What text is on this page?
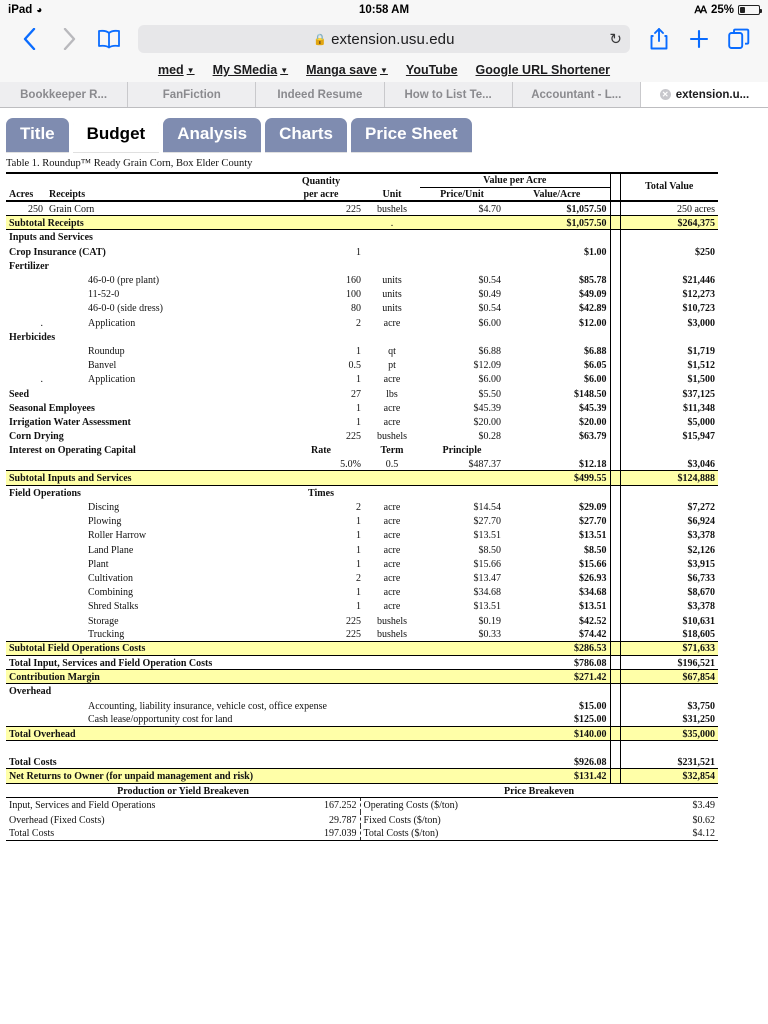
iPad ◕	10:58 AM	Ꜳ 25%
🔒 extension.usu.edu	↻
med ▼ My SMedia ▼ Manga save ▼ YouTube Google URL Shortener
Bookkeeper R...	FanFiction	Indeed Resume	How to List Te...	Accountant - L...	✕ extension.u...
Title	Budget	Analysis	Charts	Price Sheet
Table 1. Roundup™ Ready Grain Corn, Box Elder County
		Quantity		Value per Acre			Total Value
Acres	Receipts	per acre	Unit	Price/Unit	Value/Acre		
250	Grain Corn	225	bushels	$4.70	$1,057.50		250 acres
Subtotal Receipts			.		$1,057.50		$264,375
Inputs and Services							
Crop Insurance (CAT)		1			$1.00		$250
Fertilizer							
	46-0-0 (pre plant)	160	units	$0.54	$85.78		$21,446
	11-52-0	100	units	$0.49	$49.09		$12,273
	46-0-0 (side dress)	80	units	$0.54	$42.89		$10,723
.	Application	2	acre	$6.00	$12.00		$3,000
Herbicides							
	Roundup	1	qt	$6.88	$6.88		$1,719
	Banvel	0.5	pt	$12.09	$6.05		$1,512
.	Application	1	acre	$6.00	$6.00		$1,500
Seed		27	lbs	$5.50	$148.50		$37,125
Seasonal Employees		1	acre	$45.39	$45.39		$11,348
Irrigation Water Assessment		1	acre	$20.00	$20.00		$5,000
Corn Drying		225	bushels	$0.28	$63.79		$15,947
Interest on Operating Capital		Rate	Term	Principle			
		5.0%	0.5	$487.37	$12.18		$3,046
Subtotal Inputs and Services					$499.55		$124,888
Field Operations		Times					
	Discing	2	acre	$14.54	$29.09		$7,272
	Plowing	1	acre	$27.70	$27.70		$6,924
	Roller Harrow	1	acre	$13.51	$13.51		$3,378
	Land Plane	1	acre	$8.50	$8.50		$2,126
	Plant	1	acre	$15.66	$15.66		$3,915
	Cultivation	2	acre	$13.47	$26.93		$6,733
	Combining	1	acre	$34.68	$34.68		$8,670
	Shred Stalks	1	acre	$13.51	$13.51		$3,378
	Storage	225	bushels	$0.19	$42.52		$10,631
	Trucking	225	bushels	$0.33	$74.42		$18,605
Subtotal Field Operations Costs					$286.53		$71,633
Total Input, Services and Field Operation Costs					$786.08		$196,521
Contribution Margin					$271.42		$67,854
Overhead							
	Accounting, liability insurance, vehicle cost, office expense				$15.00		$3,750
	Cash lease/opportunity cost for land				$125.00		$31,250
Total Overhead					$140.00		$35,000

Total Costs					$926.08		$231,521
Net Returns to Owner (for unpaid management and risk)					$131.42		$32,854
Production or Yield Breakeven		Price Breakeven	
Input, Services and Field Operations	167.252	Operating Costs ($/ton)	$3.49
Overhead (Fixed Costs)	29.787	Fixed Costs ($/ton)	$0.62
Total Costs	197.039	Total Costs ($/ton)	$4.12
